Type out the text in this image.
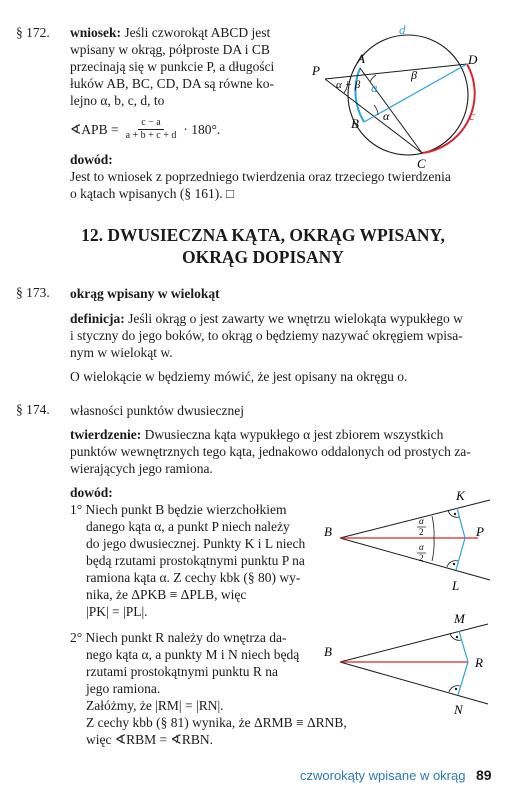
§ 172. wniosek: Jeśli czworokąt ABCD jest
wpisany w okrąg, półproste DA i CB
przecinają się w punkcie P, a długości
łuków AB, BC, CD, DA są równe ko-
lejno α, b, c, d, to
∢APB = $\frac{c - a}{a + b + c + d} \cdot 180^\circ$.
dowód:
Jest to wniosek z poprzedniego twierdzenia oraz trzeciego twierdzenia
o kątach wpisanych (§ 161). □
P
A
B
C
D
d
a
c
α − β
β
α
12. DWUSIECZNA KĄTA, OKRĄG WPISANY,
OKRĄG DOPISANY
§ 173. okrąg wpisany w wielokąt
definicja: Jeśli okrąg o jest zawarty we wnętrzu wielokąta wypukłego w
i styczny do jego boków, to okrąg o będziemy nazywać okręgiem wpisa-
nym w wielokąt w.
O wielokącie w będziemy mówić, że jest opisany na okręgu o.
§ 174. własności punktów dwusiecznej
twierdzenie: Dwusieczna kąta wypukłego α jest zbiorem wszystkich
punktów wewnętrznych tego kąta, jednakowo oddalonych od prostych za-
wierających jego ramiona.
dowód:
1° Niech punkt B będzie wierzchołkiem
danego kąta α, a punkt P niech należy
do jego dwusiecznej. Punkty K i L niech
będą rzutami prostokątnymi punktu P na
ramiona kąta α. Z cechy kbk (§ 80) wy-
nika, że ΔPKB ≡ ΔPLB, więc
|PK| = |PL|.
2° Niech punkt R należy do wnętrza da-
nego kąta α, a punkty M i N niech będą
rzutami prostokątnymi punktu R na
jego ramiona.
Załóżmy, że |RM| = |RN|.
Z cechy kbb (§ 81) wynika, że ΔRMB ≡ ΔRNB,
więc ∢RBM = ∢RBN.
B
K
L
P
α
2
α
2
B
M
N
R
czworokąty wpisane w okrąg 89
